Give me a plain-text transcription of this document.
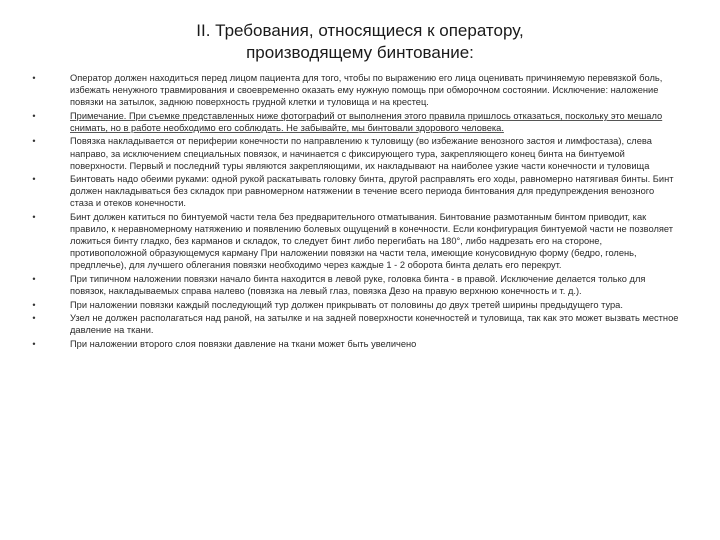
II. Требования, относящиеся к оператору,
производящему бинтование:
•	Оператор должен находиться перед лицом пациента для того, чтобы по выражению его лица оценивать причиняемую перевязкой боль, избежать ненужного травмирования и своевременно оказать ему нужную помощь при обморочном состоянии. Исключение: наложение повязки на затылок, заднюю поверхность грудной клетки и туловища и на крестец.
•	Примечание. При съемке представленных ниже фотографий от выполнения этого правила пришлось отказаться, поскольку это мешало снимать, но в работе необходимо его соблюдать. Не забывайте, мы бинтовали здорового человека.
•	Повязка накладывается от периферии конечности по направлению к туловищу (во избежание венозного застоя и лимфостаза), слева направо, за исключением специальных повязок, и начинается с фиксирующего тура, закрепляющего конец бинта на бинтуемой поверхности. Первый и последний туры являются закрепляющими, их накладывают на наиболее узкие части конечности и туловища
•	Бинтовать надо обеими руками: одной рукой раскатывать головку бинта, другой расправлять его ходы, равномерно натягивая бинты. Бинт должен накладываться без складок при равномерном натяжении в течение всего периода бинтования для предупреждения венозного стаза и отеков конечности.
•	Бинт должен катиться по бинтуемой части тела без предварительного отматывания. Бинтование размотанным бинтом приводит, как правило, к неравномерному натяжению и появлению болевых ощущений в конечности. Если конфигурация бинтуемой части не позволяет ложиться бинту гладко, без карманов и складок, то следует бинт либо перегибать на 180°, либо надрезать его на стороне, противоположной образующемуся карману При наложении повязки на части тела, имеющие конусовидную форму (бедро, голень, предплечье), для лучшего облегания повязки необходимо через каждые 1 - 2 оборота бинта делать его перекрут.
•	При типичном наложении повязки начало бинта находится в левой руке, головка бинта - в правой. Исключение делается только для повязок, накладываемых справа налево (повязка на левый глаз, повязка Дезо на правую верхнюю конечность и т. д.).
•	При наложении повязки каждый последующий тур должен прикрывать от половины до двух третей ширины предыдущего тура.
•	Узел не должен располагаться над раной, на затылке и на задней поверхности конечностей и туловища, так как это может вызвать местное давление на ткани.
•	При наложении второго слоя повязки давление на ткани может быть увеличено
